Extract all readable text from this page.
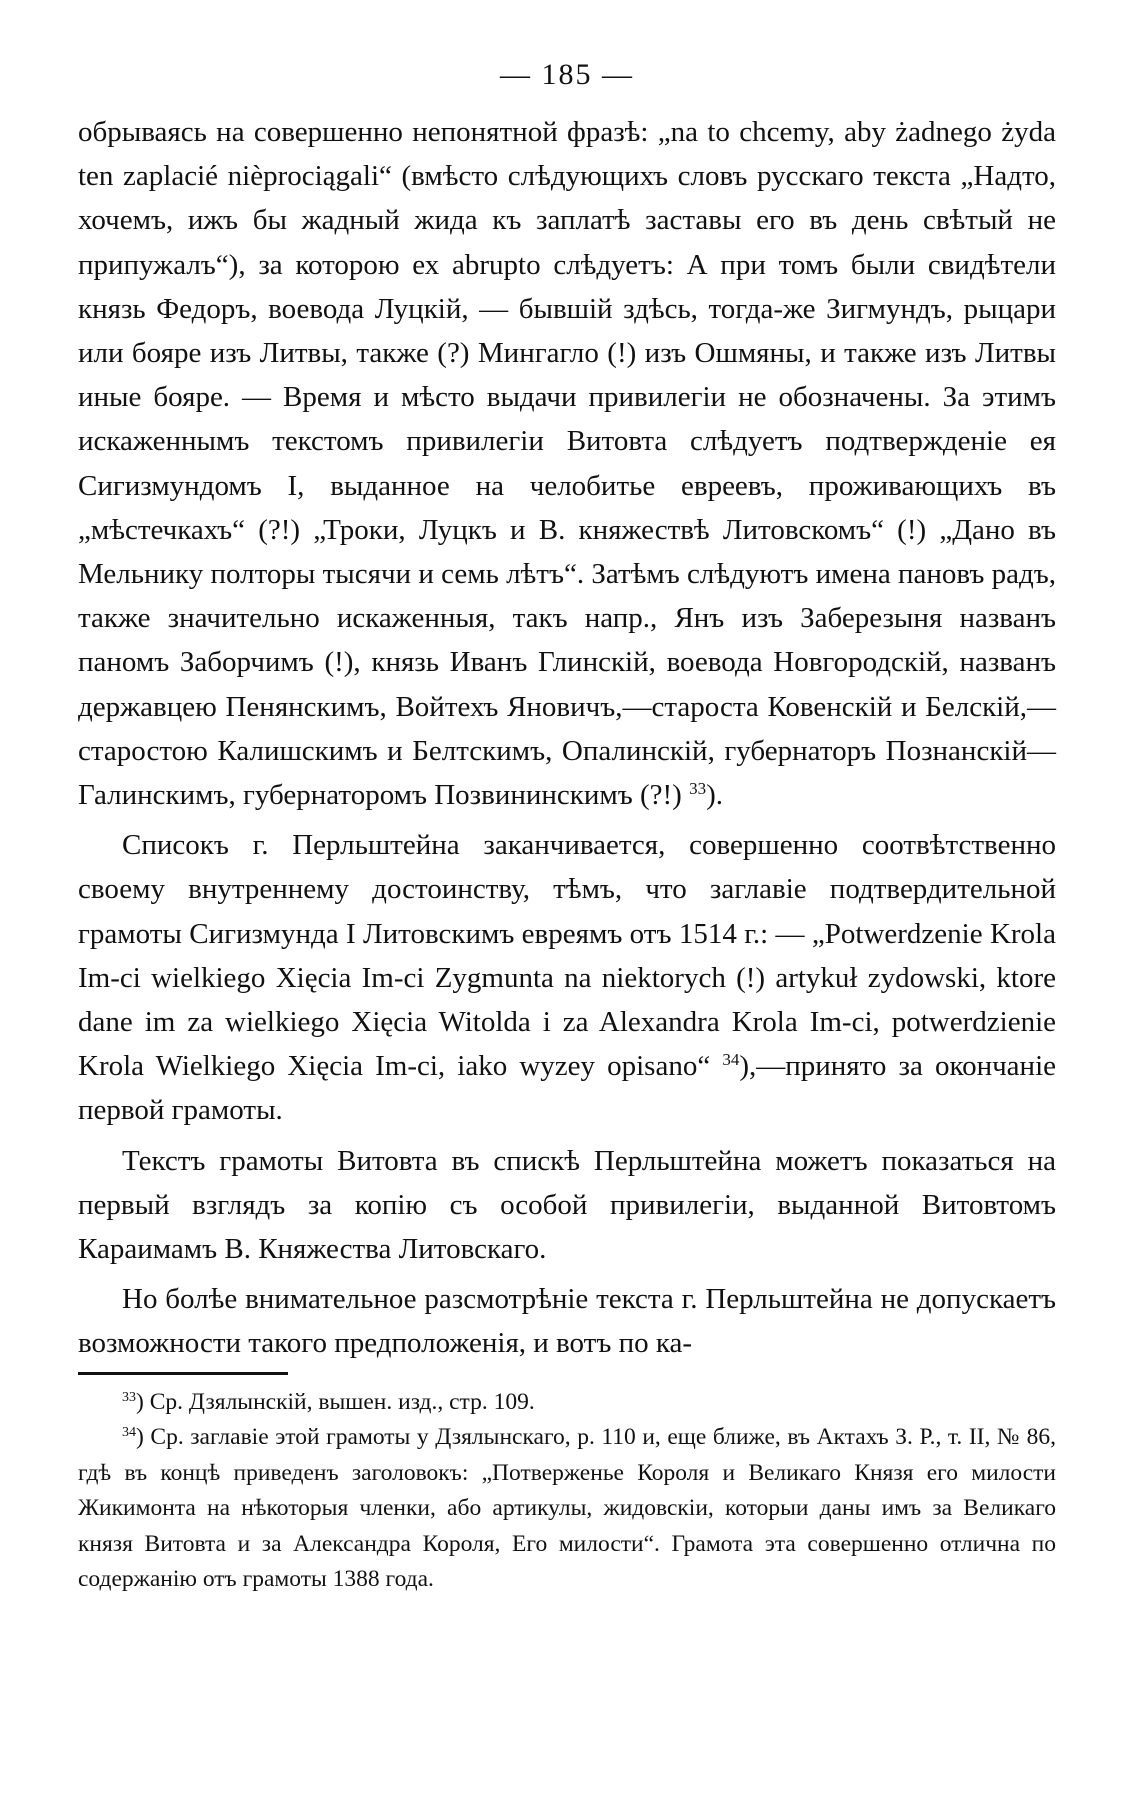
— 185 —

обрываясь на совершенно непонятной фразѣ: „na to chcemy, aby żadnego żyda ten zaplacié nièprociągali“ (вмѣсто слѣдующихъ словъ русскаго текста „Надто, хочемъ, ижъ бы жадный жида къ заплатѣ заставы его въ день свѣтый не припужалъ“), за которою ех abrupto слѣдуетъ: А при томъ были свидѣтели князь Федоръ, воевода Луцкій, — бывшій здѣсь, тогда-же Зигмундъ, рыцари или бояре изъ Литвы, также (?) Мингагло (!) изъ Ошмяны, и также изъ Литвы иные бояре. — Время и мѣсто выдачи привилегіи не обозначены. За этимъ искаженнымъ текстомъ привилегіи Витовта слѣдуетъ подтвержденіе ея Сигизмундомъ I, выданное на челобитье евреевъ, проживающихъ въ „мѣстечкахъ“ (?!) „Троки, Луцкъ и В. княжествѣ Литовскомъ“ (!) „Дано въ Мельнику полторы тысячи и семь лѣтъ“. Затѣмъ слѣдуютъ имена пановъ радъ, также значительно искаженныя, такъ напр., Янъ изъ Заберезыня названъ паномъ Заборчимъ (!), князь Иванъ Глинскій, воевода Новгородскій, названъ державцею Пенянскимъ, Войтехъ Яновичъ,—староста Ковенскій и Белскій,—старостою Калишскимъ и Белтскимъ, Опалинскій, губернаторъ Познанскій—Галинскимъ, губернаторомъ Позвининскимъ (?!) $^{33}$).

Списокъ г. Перльштейна заканчивается, совершенно соотвѣтственно своему внутреннему достоинству, тѣмъ, что заглавіе подтвердительной грамоты Сигизмунда I Литовскимъ евреямъ отъ 1514 г.: — „Potwerdzenie Krola Im-ci wielkiego Xięcia Im-ci Zygmunta na niektorych (!) artykuł zydowski, ktore dane im za wielkiego Xięcia Witolda i za Alexandra Krola Im-ci, potwerdzienie Krola Wielkiego Xięcia Im-ci, iako wyzey opisano“ $^{34}$),—принято за окончаніе первой грамоты.

Текстъ грамоты Витовта въ спискѣ Перльштейна можетъ показаться на первый взглядъ за копію съ особой привилегіи, выданной Витовтомъ Караимамъ В. Княжества Литовскаго.

Но болѣе внимательное разсмотрѣніе текста г. Перльштейна не допускаетъ возможности такого предположенія, и вотъ по ка-

$^{33}$) Ср. Дзялынскій, вышен. изд., стр. 109.

$^{34}$) Ср. заглавіе этой грамоты у Дзялынскаго, р. 110 и, еще ближе, въ Актахъ З. Р., т. II, № 86, гдѣ въ концѣ приведенъ заголовокъ: „Потверженье Короля и Великаго Князя его милости Жикимонта на нѣкоторыя членки, або артикулы, жидовскіи, которыи даны имъ за Великаго князя Витовта и за Александра Короля, Его милости“. Грамота эта совершенно отлична по содержанію отъ грамоты 1388 года.
